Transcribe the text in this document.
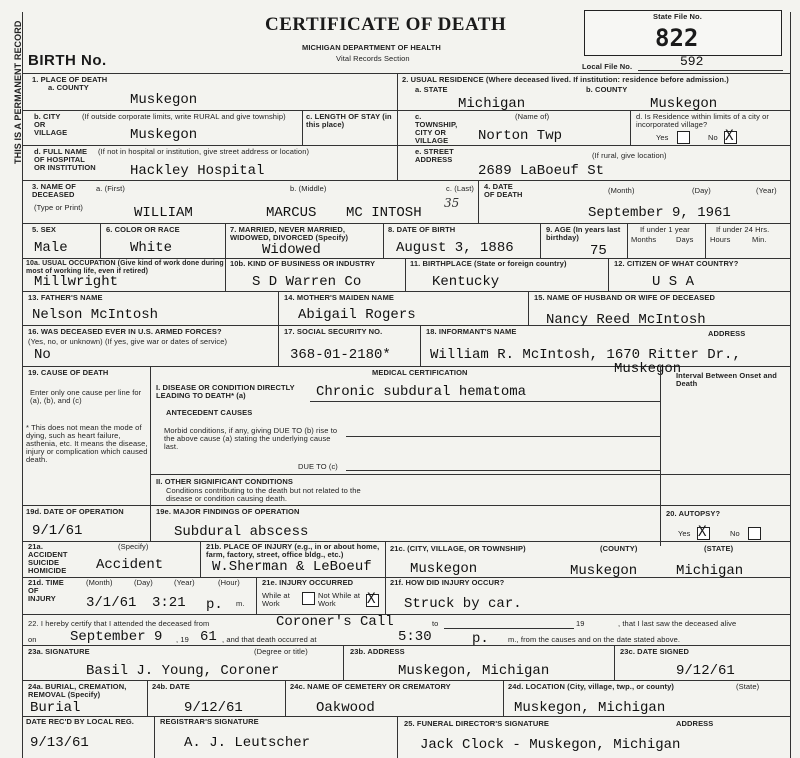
THIS IS A PERMANENT RECORD	CERTIFICATE OF DEATH
MICHIGAN DEPARTMENT OF HEALTH
Vital Records Section
BIRTH No.
State File No.
822
Local File No.	592
1. PLACE OF DEATH
a. COUNTY
Muskegon
b. CITY OR VILLAGE
(If outside corporate limits, write RURAL and give township)
Muskegon
c. LENGTH OF STAY (in this place)
d. FULL NAME OF HOSPITAL OR INSTITUTION
(If not in hospital or institution, give street address or location)
Hackley Hospital
2. USUAL RESIDENCE (Where deceased lived. If institution: residence before admission.)
a. STATE	b. COUNTY
Michigan	Muskegon
c. TOWNSHIP, CITY OR VILLAGE
(Name of)
Norton Twp
d. Is Residence within limits of a city or incorporated village?
Yes	No X
e. STREET ADDRESS	(If rural, give location)
2689 LaBoeuf St
3. NAME OF DECEASED
(Type or Print)
a. (First)	b. (Middle)	c. (Last)
WILLIAM	MARCUS MC INTOSH
35
4. DATE OF DEATH	(Month)	(Day)	(Year)
September 9, 1961
5. SEX
Male
6. COLOR OR RACE
White
7. MARRIED, NEVER MARRIED, WIDOWED, DIVORCED (Specify)
Widowed
8. DATE OF BIRTH
August 3, 1886
9. AGE (In years last birthday)
75
If under 1 year
Months	Days
If under 24 Hrs.
Hours	Min.
10a. USUAL OCCUPATION (Give kind of work done during most of working life, even if retired)
Millwright
10b. KIND OF BUSINESS OR INDUSTRY
S D Warren Co
11. BIRTHPLACE (State or foreign country)
Kentucky
12. CITIZEN OF WHAT COUNTRY?
U S A
13. FATHER'S NAME
Nelson McIntosh
14. MOTHER'S MAIDEN NAME
Abigail Rogers
15. NAME OF HUSBAND OR WIFE OF DECEASED
Nancy Reed McIntosh
16. WAS DECEASED EVER IN U.S. ARMED FORCES?
(Yes, no, or unknown) (If yes, give war or dates of service)
No
17. SOCIAL SECURITY NO.
368-01-2180*
18. INFORMANT'S NAME	ADDRESS
William R. McIntosh, 1670 Ritter Dr.,
Muskegon
19. CAUSE OF DEATH
Enter only one cause per line for (a), (b), and (c)
* This does not mean the mode of dying, such as heart failure, asthenia, etc. It means the disease, injury or complication which caused death.
MEDICAL CERTIFICATION	Interval Between Onset and Death
I. DISEASE OR CONDITION DIRECTLY LEADING TO DEATH* (a)	Chronic subdural hematoma
ANTECEDENT CAUSES
Morbid conditions, if any, giving DUE TO (b) rise to the above cause (a) stating the underlying cause last.
DUE TO (c)
II. OTHER SIGNIFICANT CONDITIONS
Conditions contributing to the death but not related to the disease or condition causing death.
19d. DATE OF OPERATION
9/1/61
19e. MAJOR FINDINGS OF OPERATION
Subdural abscess
20. AUTOPSY?
Yes X	No
21a. ACCIDENT SUICIDE HOMICIDE
(Specify)
Accident
21b. PLACE OF INJURY (e.g., in or about home, farm, factory, street, office bldg., etc.)
W.Sherman & LeBoeuf
21c. (CITY, VILLAGE, OR TOWNSHIP)	(COUNTY)	(STATE)
Muskegon	Muskegon	Michigan
21d. TIME OF INJURY
(Month)	(Day)	(Year)	(Hour)
3/1/61 3:21 p. m.
21e. INJURY OCCURRED
While at Work
Not While at Work	X
21f. HOW DID INJURY OCCUR?
Struck by car.
22. I hereby certify that I attended the deceased from	Coroner's Call	to	19	, that I last saw the deceased alive
on September 9 , 19 61 , and that death occurred at	5:30	p.	m., from the causes and on the date stated above.
23a. SIGNATURE	(Degree or title)
Basil J. Young, Coroner
23b. ADDRESS
Muskegon, Michigan
23c. DATE SIGNED
9/12/61
24a. BURIAL, CREMATION, REMOVAL (Specify)
Burial
24b. DATE
9/12/61
24c. NAME OF CEMETERY OR CREMATORY
Oakwood
24d. LOCATION (City, village, twp., or county)	(State)
Muskegon, Michigan
DATE REC'D BY LOCAL REG.
9/13/61
REGISTRAR'S SIGNATURE
A. J. Leutscher
25. FUNERAL DIRECTOR'S SIGNATURE	ADDRESS
Jack Clock - Muskegon, Michigan
